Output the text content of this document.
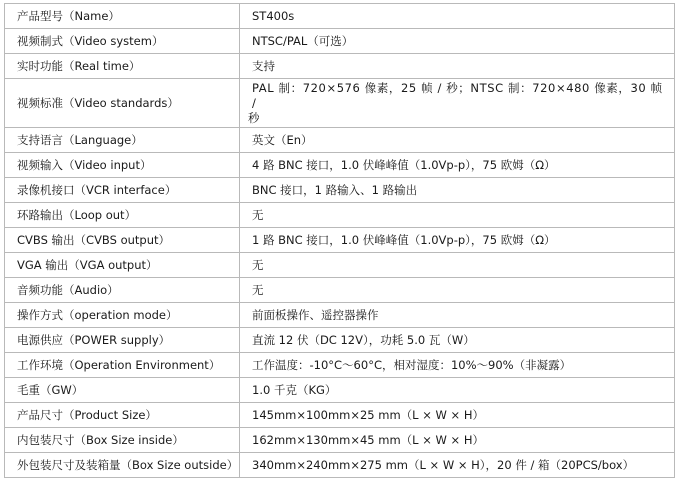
产品型号（Name）	ST400s
视频制式（Video system）	NTSC/PAL（可选）
实时功能（Real time）	支持
视频标准（Video standards）	PAL 制：720×576 像素，25 帧 / 秒；NTSC 制：720×480 像素，30 帧 /
秒

支持语言（Language）	英文（En）
视频输入（Video input）	4 路 BNC 接口，1.0 伏峰峰值（1.0Vp-p），75 欧姆（Ω）
录像机接口（VCR interface）	BNC 接口，1 路输入、1 路输出
环路输出（Loop out）	无
CVBS 输出（CVBS output）	1 路 BNC 接口，1.0 伏峰峰值（1.0Vp-p），75 欧姆（Ω）
VGA 输出（VGA output）	无
音频功能（Audio）	无
操作方式（operation mode）	前面板操作、遥控器操作
电源供应（POWER supply）	直流 12 伏（DC 12V），功耗 5.0 瓦（W）
工作环境（Operation Environment）	工作温度：-10°C～60°C，相对湿度：10%～90%（非凝露）
毛重（GW）	1.0 千克（KG）
产品尺寸（Product Size）	145mm×100mm×25 mm（L × W × H）
内包装尺寸（Box Size inside）	162mm×130mm×45 mm（L × W × H）
外包装尺寸及装箱量（Box Size outside）	340mm×240mm×275 mm（L × W × H），20 件 / 箱（20PCS/box）
